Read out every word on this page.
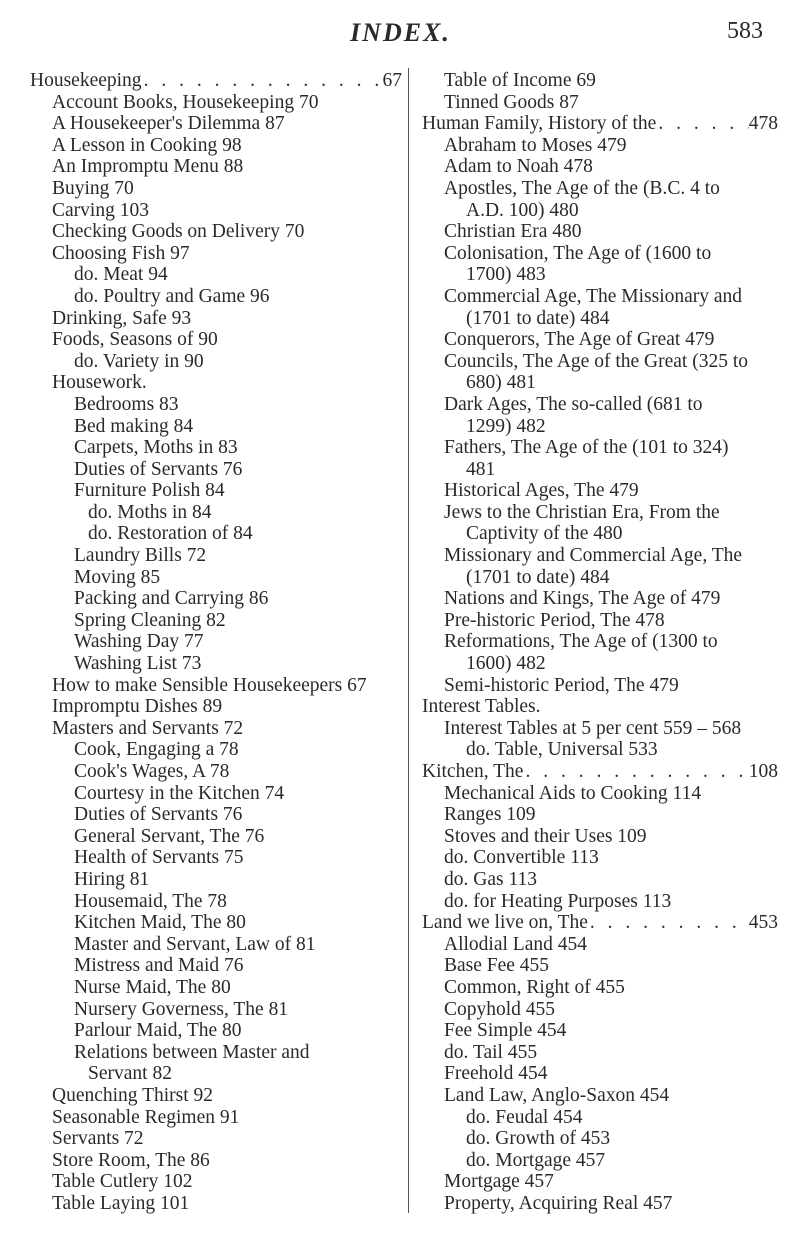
INDEX.	583
Housekeeping . . .	67
Account Books, Housekeeping 70
A Housekeeper's Dilemma 87
A Lesson in Cooking 98
An Impromptu Menu 88
Buying 70
Carving 103
Checking Goods on Delivery 70
Choosing Fish 97
do. Meat 94
do. Poultry and Game 96
Drinking, Safe 93
Foods, Seasons of 90
do. Variety in 90
Housework.
Bedrooms 83
Bed making 84
Carpets, Moths in 83
Duties of Servants 76
Furniture Polish 84
do. Moths in 84
do. Restoration of 84
Laundry Bills 72
Moving 85
Packing and Carrying 86
Spring Cleaning 82
Washing Day 77
Washing List 73
How to make Sensible Housekeepers 67
Impromptu Dishes 89
Masters and Servants 72
Cook, Engaging a 78
Cook's Wages, A 78
Courtesy in the Kitchen 74
Duties of Servants 76
General Servant, The 76
Health of Servants 75
Hiring 81
Housemaid, The 78
Kitchen Maid, The 80
Master and Servant, Law of 81
Mistress and Maid 76
Nurse Maid, The 80
Nursery Governess, The 81
Parlour Maid, The 80
Relations between Master and
Servant 82
Quenching Thirst 92
Seasonable Regimen 91
Servants 72
Store Room, The 86
Table Cutlery 102
Table Laying 101
Table of Income 69
Tinned Goods 87
Human Family, History of the . . .	478
Abraham to Moses 479
Adam to Noah 478
Apostles, The Age of the (B.C. 4 to
A.D. 100) 480
Christian Era 480
Colonisation, The Age of (1600 to
1700) 483
Commercial Age, The Missionary and
(1701 to date) 484
Conquerors, The Age of Great 479
Councils, The Age of the Great (325 to
680) 481
Dark Ages, The so-called (681 to
1299) 482
Fathers, The Age of the (101 to 324)
481
Historical Ages, The 479
Jews to the Christian Era, From the
Captivity of the 480
Missionary and Commercial Age, The
(1701 to date) 484
Nations and Kings, The Age of 479
Pre-historic Period, The 478
Reformations, The Age of (1300 to
1600) 482
Semi-historic Period, The 479
Interest Tables.
Interest Tables at 5 per cent 559 – 568
do. Table, Universal 533
Kitchen, The . . .	108
Mechanical Aids to Cooking 114
Ranges 109
Stoves and their Uses 109
do. Convertible 113
do. Gas 113
do. for Heating Purposes 113
Land we live on, The . . .	453
Allodial Land 454
Base Fee 455
Common, Right of 455
Copyhold 455
Fee Simple 454
do. Tail 455
Freehold 454
Land Law, Anglo-Saxon 454
do. Feudal 454
do. Growth of 453
do. Mortgage 457
Mortgage 457
Property, Acquiring Real 457
